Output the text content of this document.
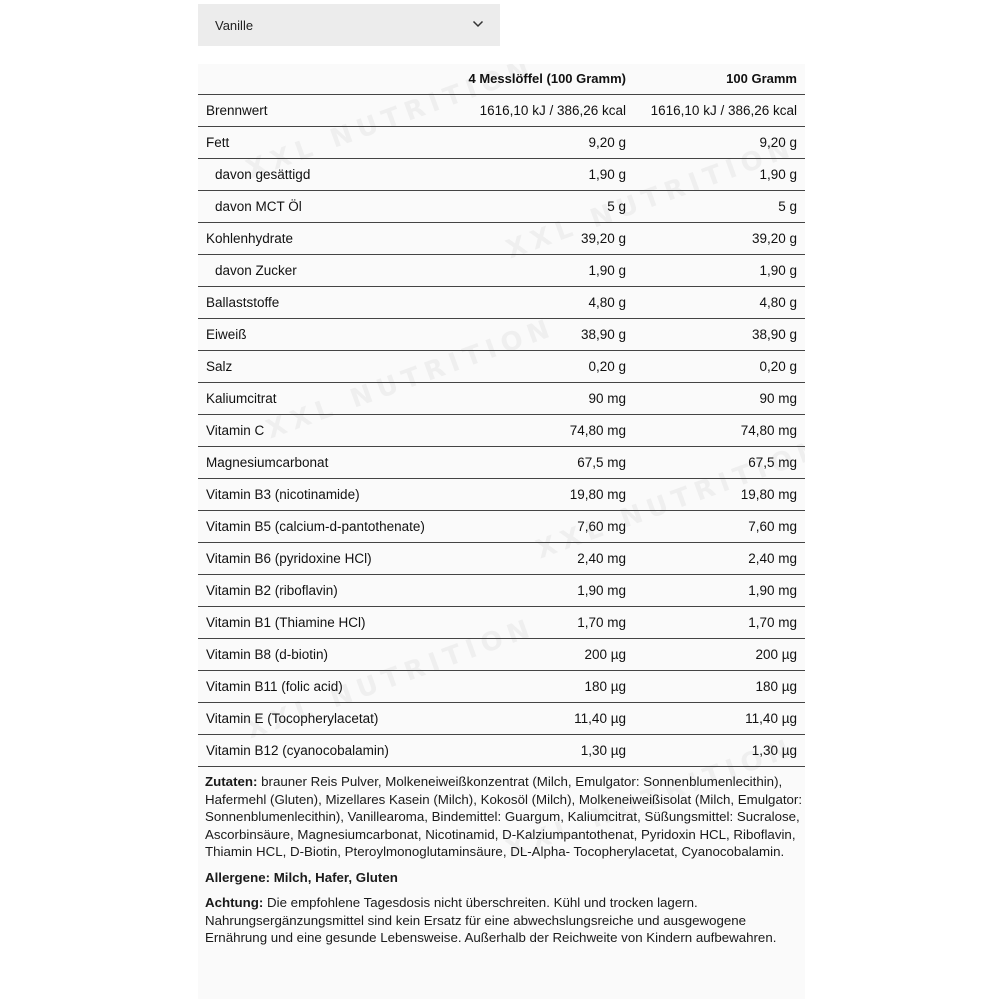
Vanille
	4 Messlöffel (100 Gramm)	100 Gramm
Brennwert	1616,10 kJ / 386,26 kcal	1616,10 kJ / 386,26 kcal
Fett	9,20 g	9,20 g
davon gesättigd	1,90 g	1,90 g
davon MCT Öl	5 g	5 g
Kohlenhydrate	39,20 g	39,20 g
davon Zucker	1,90 g	1,90 g
Ballaststoffe	4,80 g	4,80 g
Eiweiß	38,90 g	38,90 g
Salz	0,20 g	0,20 g
Kaliumcitrat	90 mg	90 mg
Vitamin C	74,80 mg	74,80 mg
Magnesiumcarbonat	67,5 mg	67,5 mg
Vitamin B3 (nicotinamide)	19,80 mg	19,80 mg
Vitamin B5 (calcium-d-pantothenate)	7,60 mg	7,60 mg
Vitamin B6 (pyridoxine HCl)	2,40 mg	2,40 mg
Vitamin B2 (riboflavin)	1,90 mg	1,90 mg
Vitamin B1 (Thiamine HCl)	1,70 mg	1,70 mg
Vitamin B8 (d-biotin)	200 µg	200 µg
Vitamin B11 (folic acid)	180 µg	180 µg
Vitamin E (Tocopherylacetat)	11,40 µg	11,40 µg
Vitamin B12 (cyanocobalamin)	1,30 µg	1,30 µg

Zutaten: brauner Reis Pulver, Molkeneiweißkonzentrat (Milch, Emulgator: Sonnenblumenlecithin), Hafermehl (Gluten), Mizellares Kasein (Milch), Kokosöl (Milch), Molkeneiweißisolat (Milch, Emulgator: Sonnenblumenlecithin), Vanillearoma, Bindemittel: Guargum, Kaliumcitrat, Süßungsmittel: Sucralose, Ascorbinsäure, Magnesiumcarbonat, Nicotinamid, D-Kalziumpantothenat, Pyridoxin HCL, Riboflavin, Thiamin HCL, D-Biotin, Pteroylmonoglutaminsäure, DL-Alpha- Tocopherylacetat, Cyanocobalamin.

Allergene: Milch, Hafer, Gluten

Achtung: Die empfohlene Tagesdosis nicht überschreiten. Kühl und trocken lagern. Nahrungsergänzungsmittel sind kein Ersatz für eine abwechslungsreiche und ausgewogene Ernährung und eine gesunde Lebensweise. Außerhalb der Reichweite von Kindern aufbewahren.
